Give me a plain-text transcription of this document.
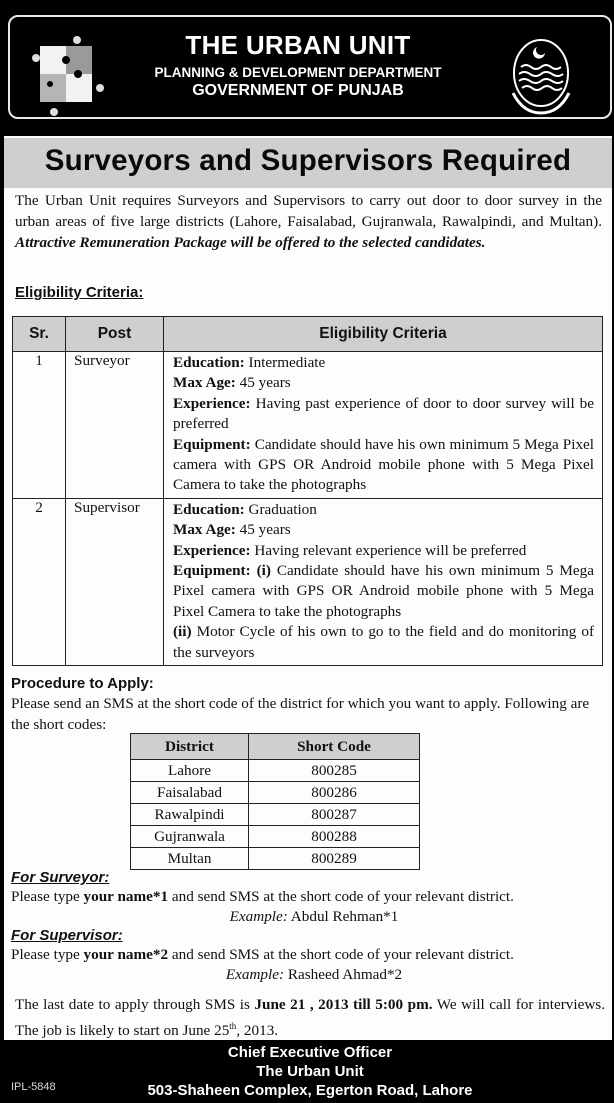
THE URBAN UNIT
PLANNING & DEVELOPMENT DEPARTMENT
GOVERNMENT OF PUNJAB
Surveyors and Supervisors Required
The Urban Unit requires Surveyors and Supervisors to carry out door to door survey in the urban areas of five large districts (Lahore, Faisalabad, Gujranwala, Rawalpindi, and Multan). Attractive Remuneration Package will be offered to the selected candidates.
Eligibility Criteria:
Sr.	Post	Eligibility Criteria
1	Surveyor	Education: Intermediate
Max Age: 45 years
Experience: Having past experience of door to door survey will be preferred
Equipment: Candidate should have his own minimum 5 Mega Pixel camera with GPS OR Android mobile phone with 5 Mega Pixel Camera to take the photographs

2	Supervisor	Education: Graduation
Max Age: 45 years
Experience: Having relevant experience will be preferred
Equipment: (i) Candidate should have his own minimum 5 Mega Pixel camera with GPS OR Android mobile phone with 5 Mega Pixel Camera to take the photographs
(ii) Motor Cycle of his own to go to the field and do monitoring of the surveyors
Procedure to Apply:
Please send an SMS at the short code of the district for which you want to apply. Following are the short codes:
District	Short Code
Lahore	800285
Faisalabad	800286
Rawalpindi	800287
Gujranwala	800288
Multan	800289
For Surveyor:
Please type your name*1 and send SMS at the short code of your relevant district.
Example: Abdul Rehman*1
For Supervisor:
Please type your name*2 and send SMS at the short code of your relevant district.
Example: Rasheed Ahmad*2
The last date to apply through SMS is June 21 , 2013 till 5:00 pm. We will call for interviews. The job is likely to start on June 25th, 2013.
Chief Executive Officer
The Urban Unit
503-Shaheen Complex, Egerton Road, Lahore
IPL-5848
